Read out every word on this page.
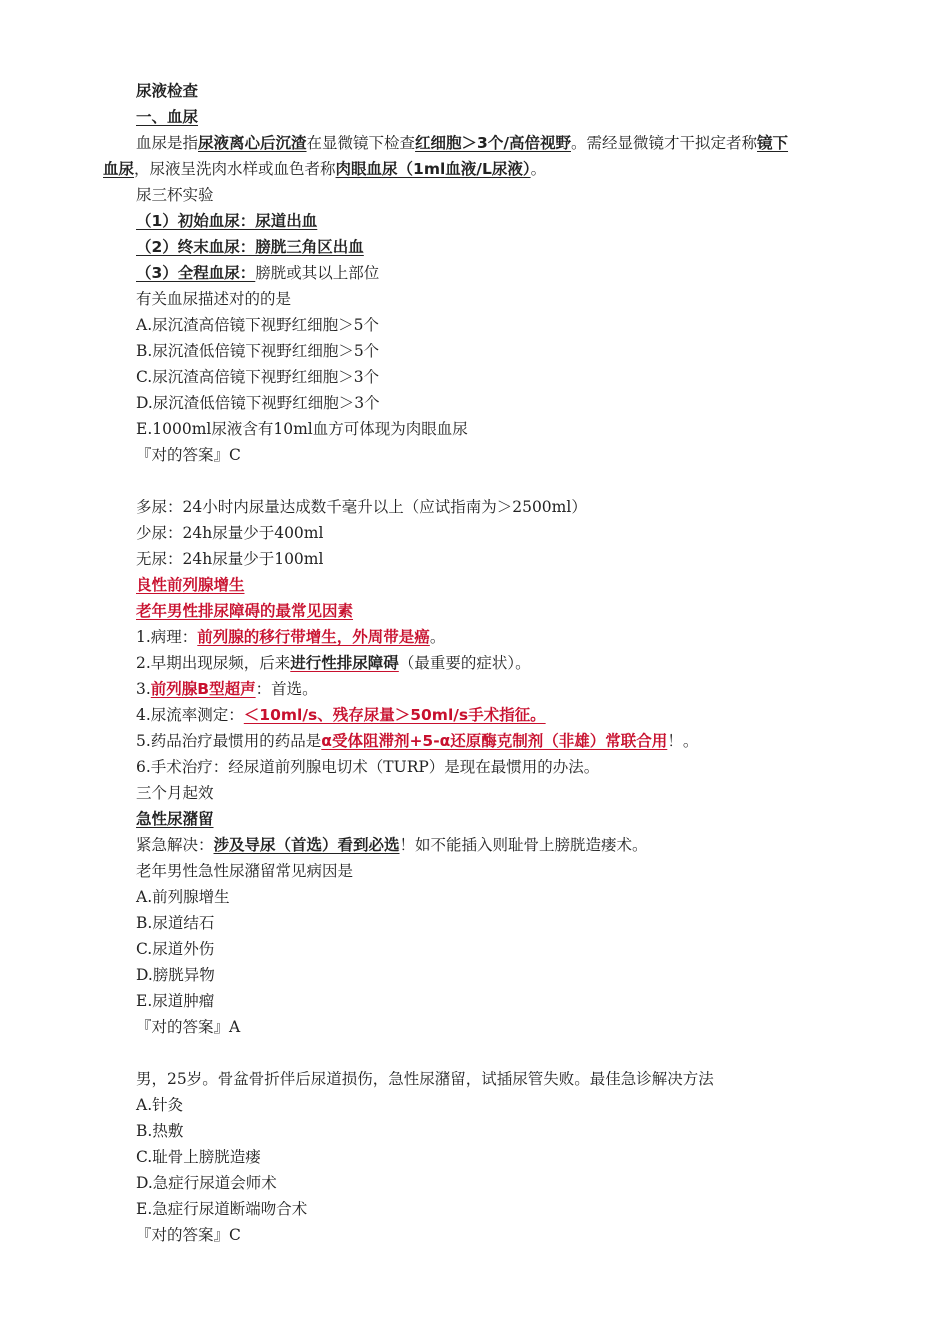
尿液检查
一、血尿
血尿是指尿液离心后沉渣在显微镜下检查红细胞＞3个/高倍视野。需经显微镜才干拟定者称镜下
血尿，尿液呈洗肉水样或血色者称肉眼血尿（1ml血液/L尿液）。
尿三杯实验
（1）初始血尿：尿道出血
（2）终末血尿：膀胱三角区出血
（3）全程血尿：膀胱或其以上部位
有关血尿描述对的的是
A.尿沉渣高倍镜下视野红细胞＞5个
B.尿沉渣低倍镜下视野红细胞＞5个
C.尿沉渣高倍镜下视野红细胞＞3个
D.尿沉渣低倍镜下视野红细胞＞3个
E.1000ml尿液含有10ml血方可体现为肉眼血尿
『对的答案』C
多尿：24小时内尿量达成数千毫升以上（应试指南为＞2500ml）
少尿：24h尿量少于400ml
无尿：24h尿量少于100ml
良性前列腺增生
老年男性排尿障碍的最常见因素
1.病理：前列腺的移行带增生，外周带是癌。
2.早期出现尿频，后来进行性排尿障碍（最重要的症状）。
3.前列腺B型超声：首选。
4.尿流率测定：＜10ml/s、残存尿量＞50ml/s手术指征。
5.药品治疗最惯用的药品是α受体阻滞剂+5-α还原酶克制剂（非雄）常联合用！。
6.手术治疗：经尿道前列腺电切术（TURP）是现在最惯用的办法。
三个月起效
急性尿潴留
紧急解决：涉及导尿（首选）看到必选！如不能插入则耻骨上膀胱造瘘术。
老年男性急性尿潴留常见病因是
A.前列腺增生
B.尿道结石
C.尿道外伤
D.膀胱异物
E.尿道肿瘤
『对的答案』A
男，25岁。骨盆骨折伴后尿道损伤，急性尿潴留，试插尿管失败。最佳急诊解决方法
A.针灸
B.热敷
C.耻骨上膀胱造瘘
D.急症行尿道会师术
E.急症行尿道断端吻合术
『对的答案』C
